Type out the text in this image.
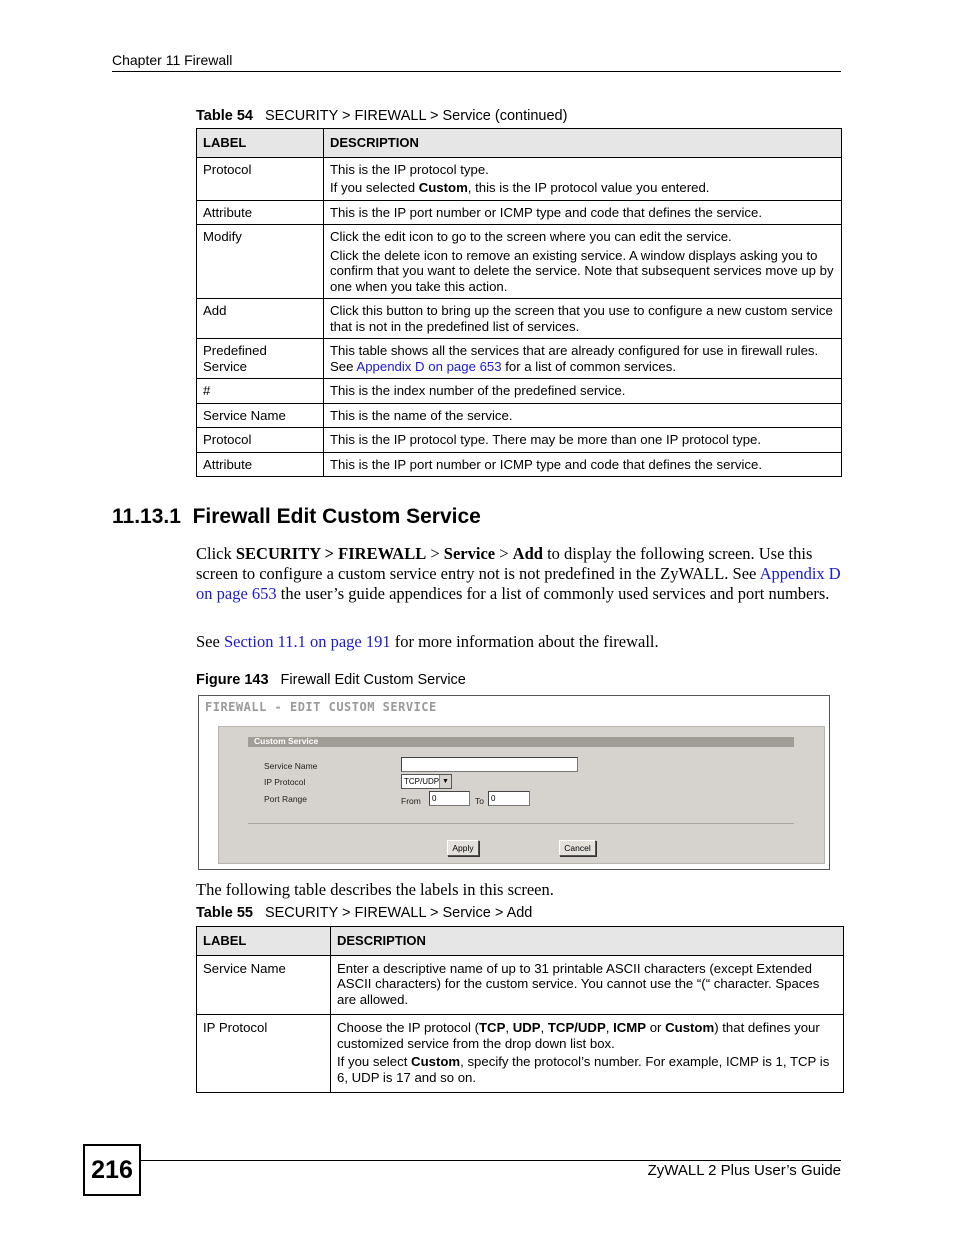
Chapter 11 Firewall
Table 54 SECURITY > FIREWALL > Service (continued)
LABEL	DESCRIPTION
Protocol	This is the IP protocol type.

If you selected Custom, this is the IP protocol value you entered.

Attribute	This is the IP port number or ICMP type and code that defines the service.
Modify	Click the edit icon to go to the screen where you can edit the service.

Click the delete icon to remove an existing service. A window displays asking you to confirm that you want to delete the service. Note that subsequent services move up by one when you take this action.

Add	Click this button to bring up the screen that you use to configure a new custom service that is not in the predefined list of services.
Predefined Service	This table shows all the services that are already configured for use in firewall rules. See Appendix D on page 653 for a list of common services.
#	This is the index number of the predefined service.
Service Name	This is the name of the service.
Protocol	This is the IP protocol type. There may be more than one IP protocol type.
Attribute	This is the IP port number or ICMP type and code that defines the service.
11.13.1  Firewall Edit Custom Service
Click SECURITY > FIREWALL > Service > Add to display the following screen. Use this screen to configure a custom service entry not is not predefined in the ZyWALL. See Appendix D on page 653 the user’s guide appendices for a list of commonly used services and port numbers.
See Section 11.1 on page 191 for more information about the firewall.
Figure 143 Firewall Edit Custom Service
FIREWALL - EDIT CUSTOM SERVICE
Custom Service
Service Name
IP Protocol	TCP/UDP ▼
Port Range	From	0	To 0
Apply	Cancel
The following table describes the labels in this screen.
Table 55 SECURITY > FIREWALL > Service > Add
LABEL	DESCRIPTION
Service Name	Enter a descriptive name of up to 31 printable ASCII characters (except Extended ASCII characters) for the custom service. You cannot use the “(“ character. Spaces are allowed.
IP Protocol	Choose the IP protocol (TCP, UDP, TCP/UDP, ICMP or Custom) that defines your customized service from the drop down list box.

If you select Custom, specify the protocol’s number. For example, ICMP is 1, TCP is 6, UDP is 17 and so on.

216	ZyWALL 2 Plus User’s Guide
